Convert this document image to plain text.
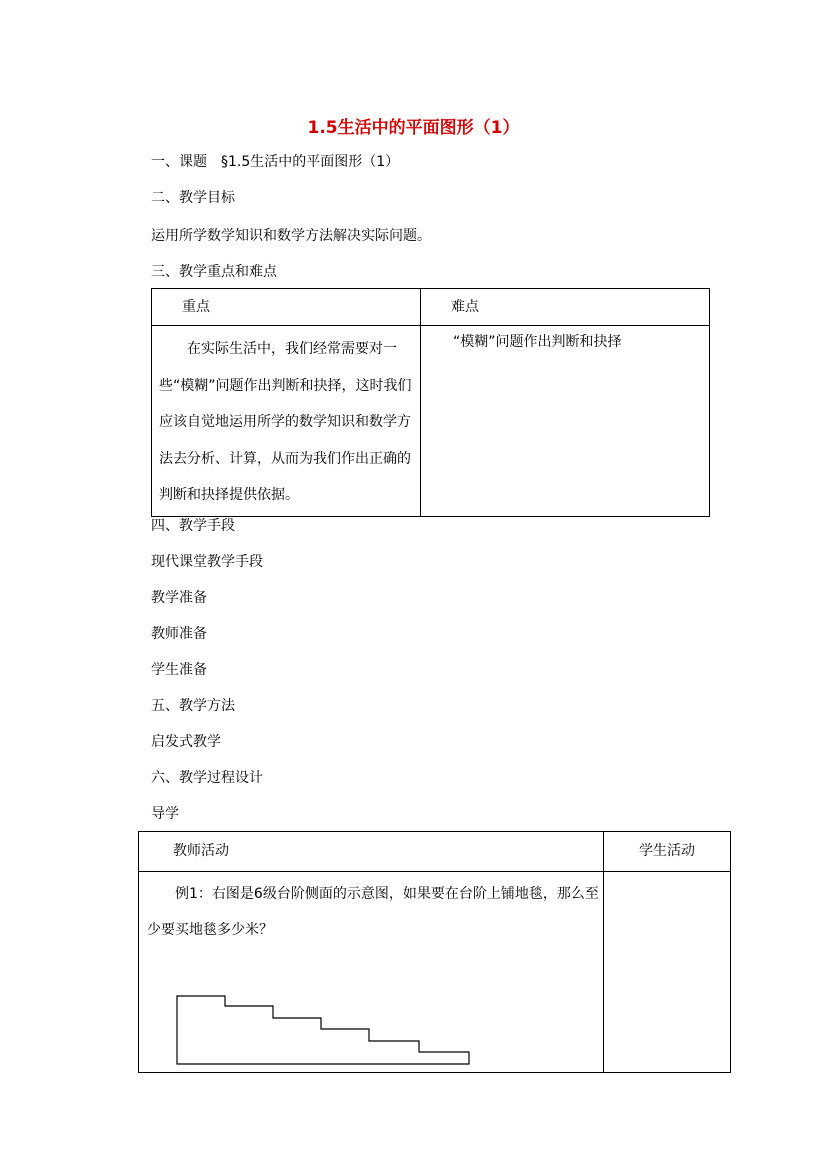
1.5生活中的平面图形（1）
一、课题　§1.5生活中的平面图形（1）
二、教学目标
运用所学数学知识和数学方法解决实际问题。
三、教学重点和难点
重点	难点

在实际生活中，我们经常需要对一些“模糊”问题作出判断和抉择，这时我们应该自觉地运用所学的数学知识和数学方法去分析、计算，从而为我们作出正确的判断和抉择提供依据。	“模糊”问题作出判断和抉择
四、教学手段
现代课堂教学手段
教学准备
教师准备
学生准备
五、教学方法
启发式教学
六、教学过程设计
导学
教师活动	学生活动

例1：右图是6级台阶侧面的示意图，如果要在台阶上铺地毯，那么至少要买地毯多少米？	
